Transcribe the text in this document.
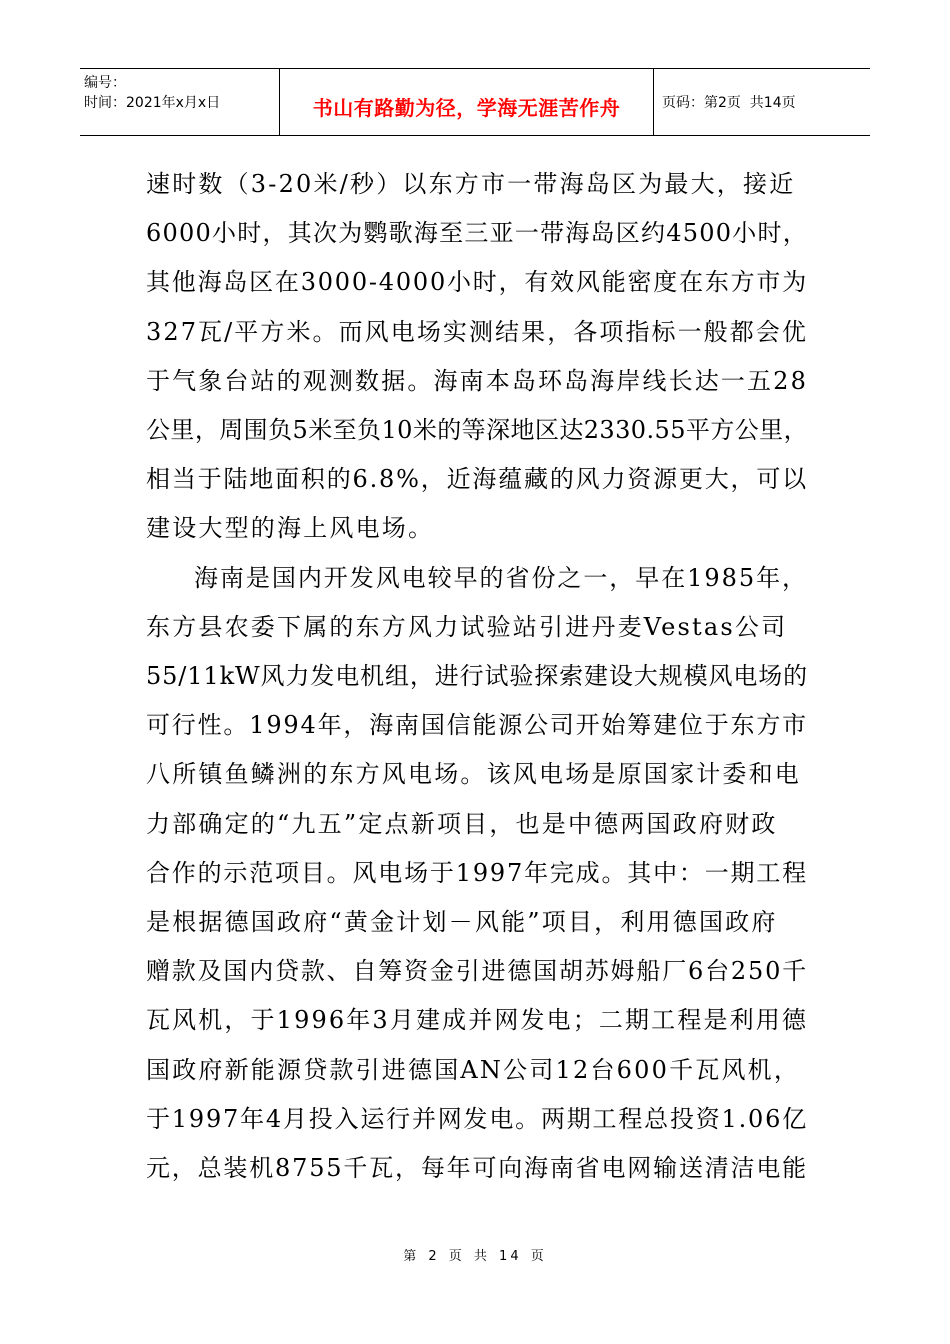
编号：
时间：2021年x月x日	书山有路勤为径，学海无涯苦作舟	页码：第2页  共14页

速时数（3-20米/秒）以东方市一带海岛区为最大，接近
6000小时，其次为鹦歌海至三亚一带海岛区约4500小时，
其他海岛区在3000-4000小时，有效风能密度在东方市为
327瓦/平方米。而风电场实测结果，各项指标一般都会优
于气象台站的观测数据。海南本岛环岛海岸线长达一五28
公里，周围负5米至负10米的等深地区达2330.55平方公里，
相当于陆地面积的6.8%，近海蕴藏的风力资源更大，可以
建设大型的海上风电场。

海南是国内开发风电较早的省份之一，早在1985年，
东方县农委下属的东方风力试验站引进丹麦Vestas公司
55/11kW风力发电机组，进行试验探索建设大规模风电场的
可行性。1994年，海南国信能源公司开始筹建位于东方市
八所镇鱼鳞洲的东方风电场。该风电场是原国家计委和电
力部确定的“九五”定点新项目，也是中德两国政府财政
合作的示范项目。风电场于1997年完成。其中：一期工程
是根据德国政府“黄金计划－风能”项目，利用德国政府
赠款及国内贷款、自筹资金引进德国胡苏姆船厂6台250千
瓦风机，于1996年3月建成并网发电；二期工程是利用德
国政府新能源贷款引进德国AN公司12台600千瓦风机，
于1997年4月投入运行并网发电。两期工程总投资1.06亿
元，总装机8755千瓦，每年可向海南省电网输送清洁电能

第 2 页 共 14 页
